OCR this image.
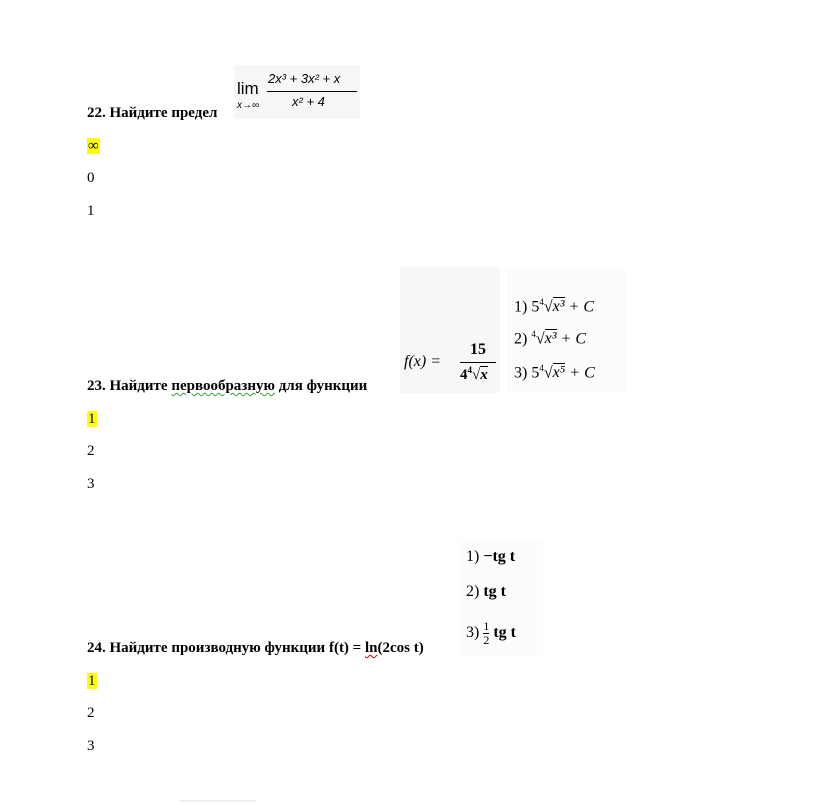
lim
x→∞
2x³ + 3x² + x
x² + 4
22. Найдите предел
∞
0
1
f(x) =
15
$4^4√x$
1) $5^4√x^3 + C$
2) $^4$√x³ + C
3) $5^4√x^5 + C$
23. Найдите первообразную для функции
1
2
3
1) −tg t
2) tg t
$3) \frac{1}{2}$ tg t
24. Найдите производную функции f(t) = ln(2cos t)
1
2
3
